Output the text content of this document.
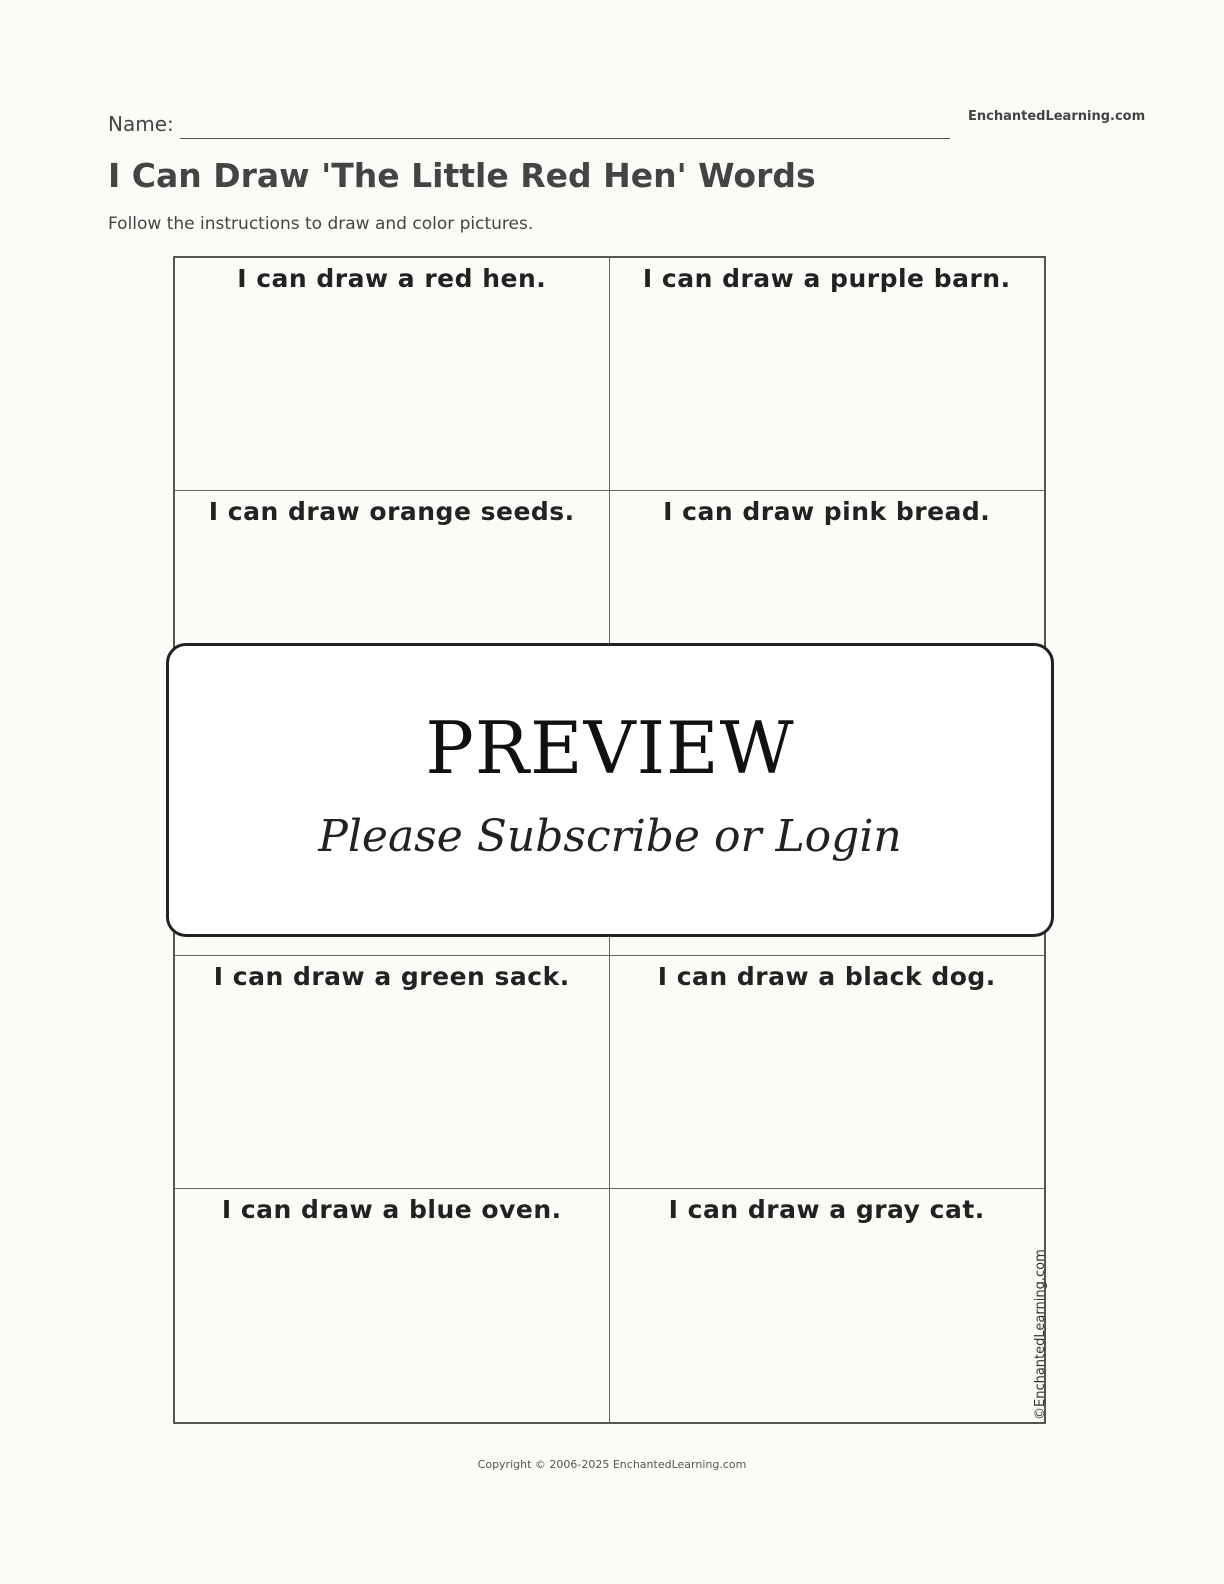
Name:	EnchantedLearning.com
I Can Draw 'The Little Red Hen' Words
Follow the instructions to draw and color pictures.
I can draw a red hen.	I can draw a purple barn.
I can draw orange seeds.	I can draw pink bread.
I can draw a green sack.	I can draw a black dog.
I can draw a blue oven.	I can draw a gray cat.
©EnchantedLearning.com
PREVIEW
Please Subscribe or Login
Copyright © 2006-2025 EnchantedLearning.com
